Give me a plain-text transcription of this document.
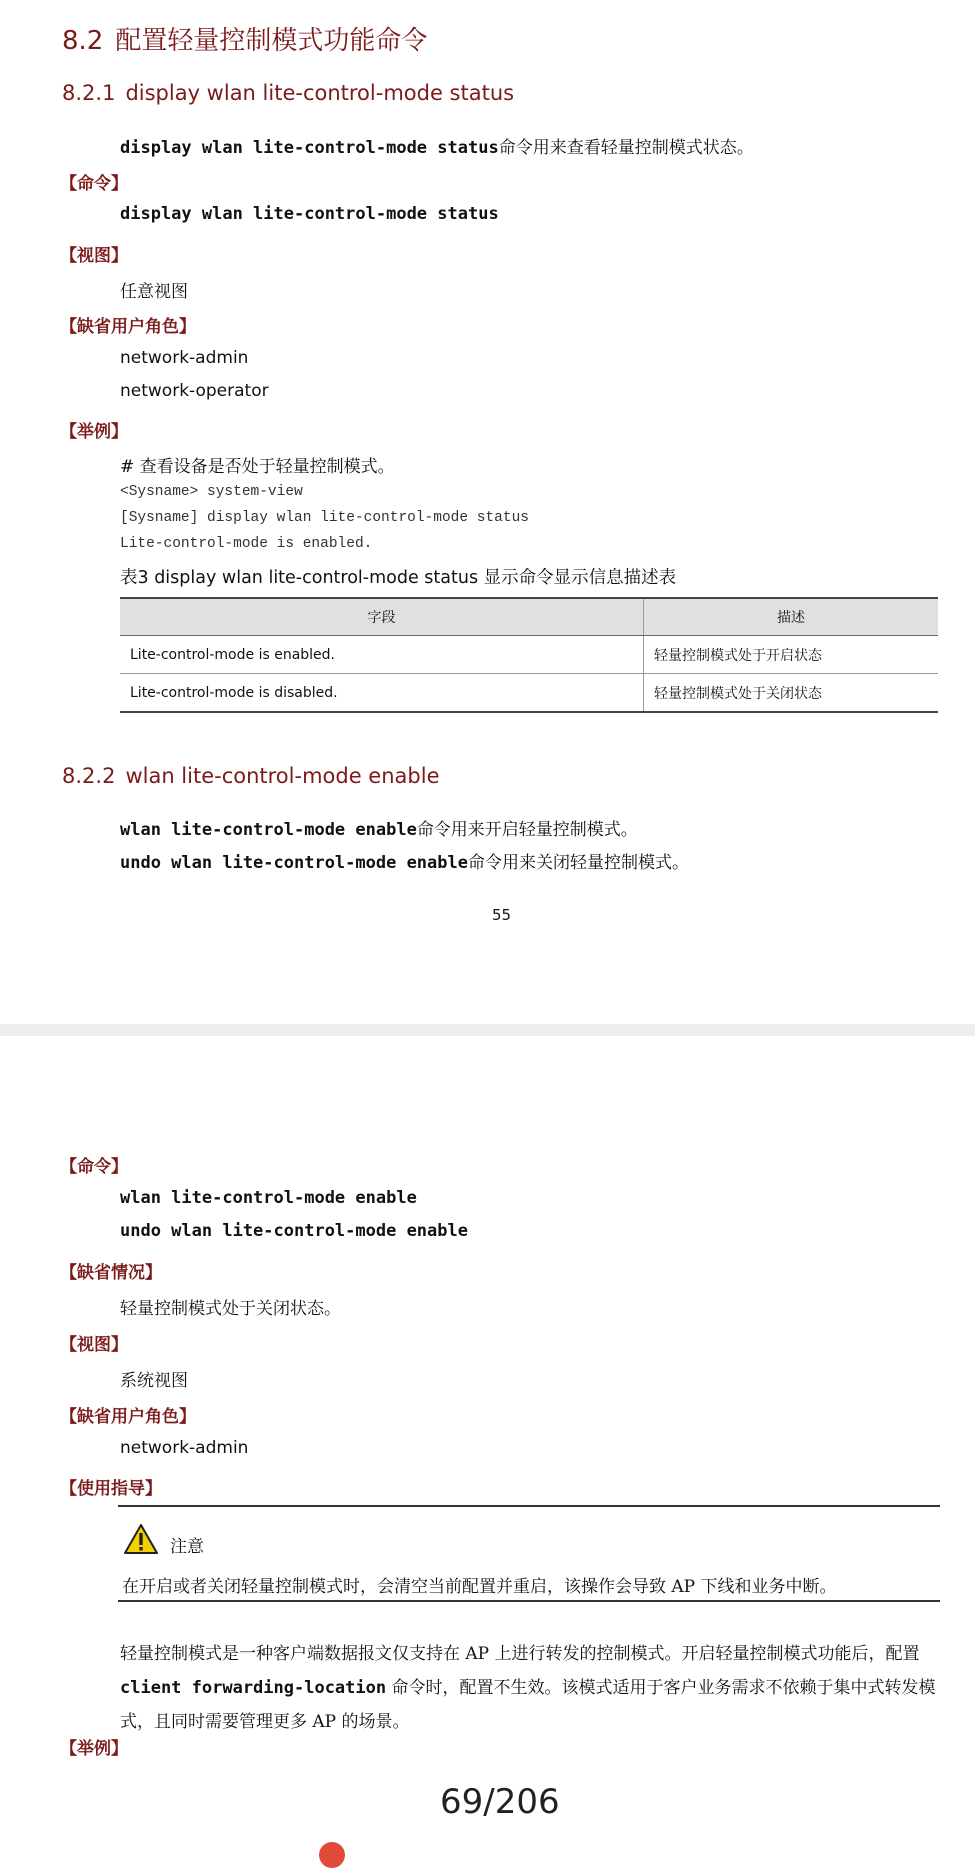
8.2 配置轻量控制模式功能命令
8.2.1 display wlan lite-control-mode status
display wlan lite-control-mode status命令用来查看轻量控制模式状态。
【命令】
display wlan lite-control-mode status
【视图】
任意视图
【缺省用户角色】
network-admin
network-operator
【举例】
# 查看设备是否处于轻量控制模式。
<Sysname> system-view
[Sysname] display wlan lite-control-mode status
Lite-control-mode is enabled.
表3 display wlan lite-control-mode status 显示命令显示信息描述表
字段	描述
Lite-control-mode is enabled.	轻量控制模式处于开启状态
Lite-control-mode is disabled.	轻量控制模式处于关闭状态
8.2.2 wlan lite-control-mode enable
wlan lite-control-mode enable命令用来开启轻量控制模式。
undo wlan lite-control-mode enable命令用来关闭轻量控制模式。
55
【命令】
wlan lite-control-mode enable
undo wlan lite-control-mode enable
【缺省情况】
轻量控制模式处于关闭状态。
【视图】
系统视图
【缺省用户角色】
network-admin
【使用指导】
注意
在开启或者关闭轻量控制模式时，会清空当前配置并重启，该操作会导致 AP 下线和业务中断。
轻量控制模式是一种客户端数据报文仅支持在 AP 上进行转发的控制模式。开启轻量控制模式功能后，配置 client forwarding-location 命令时，配置不生效。该模式适用于客户业务需求不依赖于集中式转发模式，且同时需要管理更多 AP 的场景。
【举例】
69/206
